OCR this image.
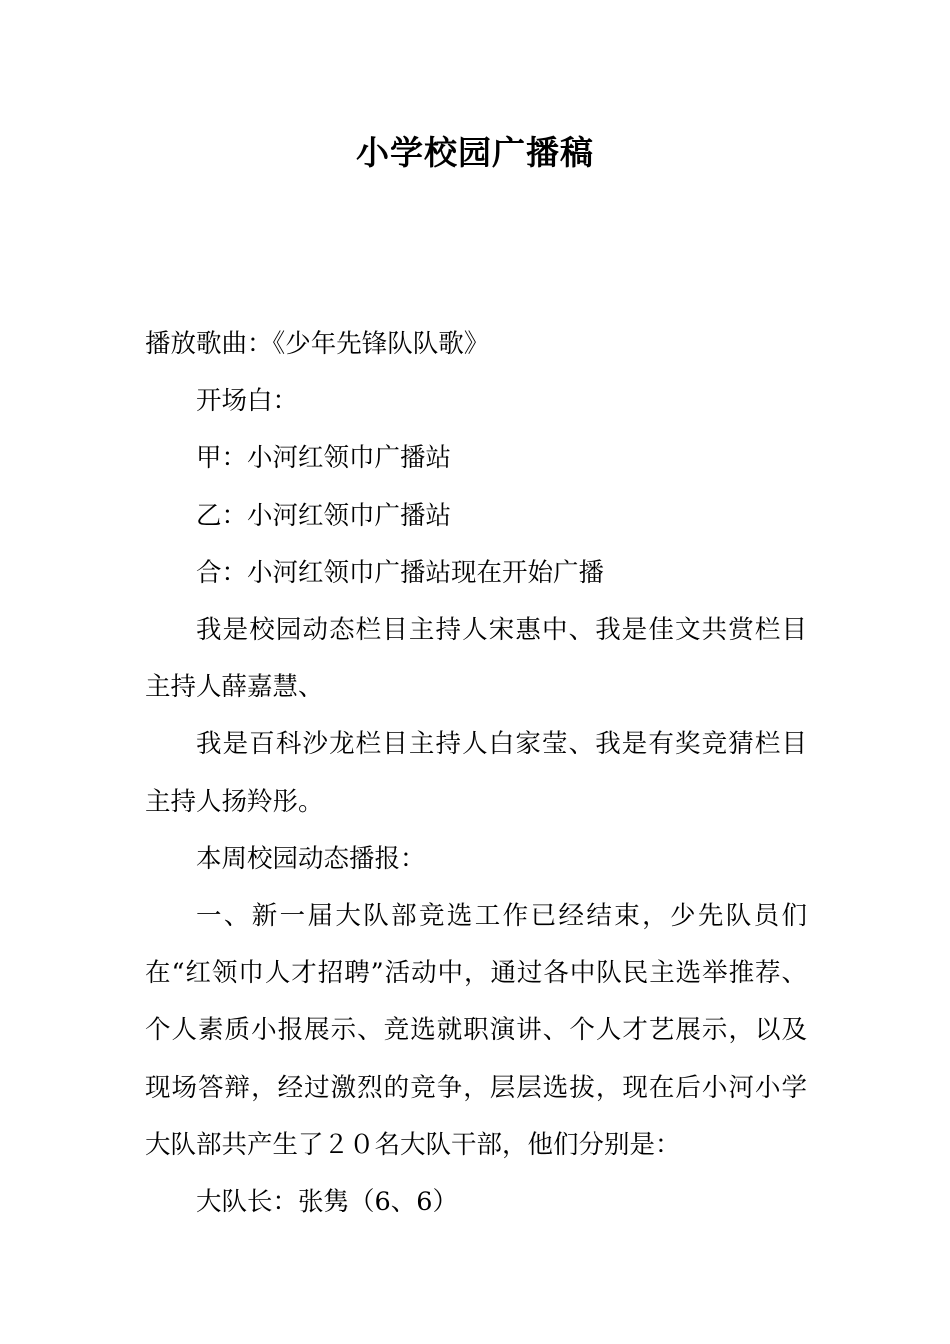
小学校园广播稿

播放歌曲：《少年先锋队队歌》

开场白：

甲：小河红领巾广播站

乙：小河红领巾广播站

合：小河红领巾广播站现在开始广播

我是校园动态栏目主持人宋惠中、我是佳文共赏栏目主持人薛嘉慧、

我是百科沙龙栏目主持人白家莹、我是有奖竞猜栏目主持人扬羚彤。

本周校园动态播报：

一、新一届大队部竞选工作已经结束，少先队员们在“红领巾人才招聘”活动中，通过各中队民主选举推荐、个人素质小报展示、竞选就职演讲、个人才艺展示，以及现场答辩，经过激烈的竞争，层层选拔，现在后小河小学大队部共产生了２０名大队干部，他们分别是：

大队长：张隽（6、6）
